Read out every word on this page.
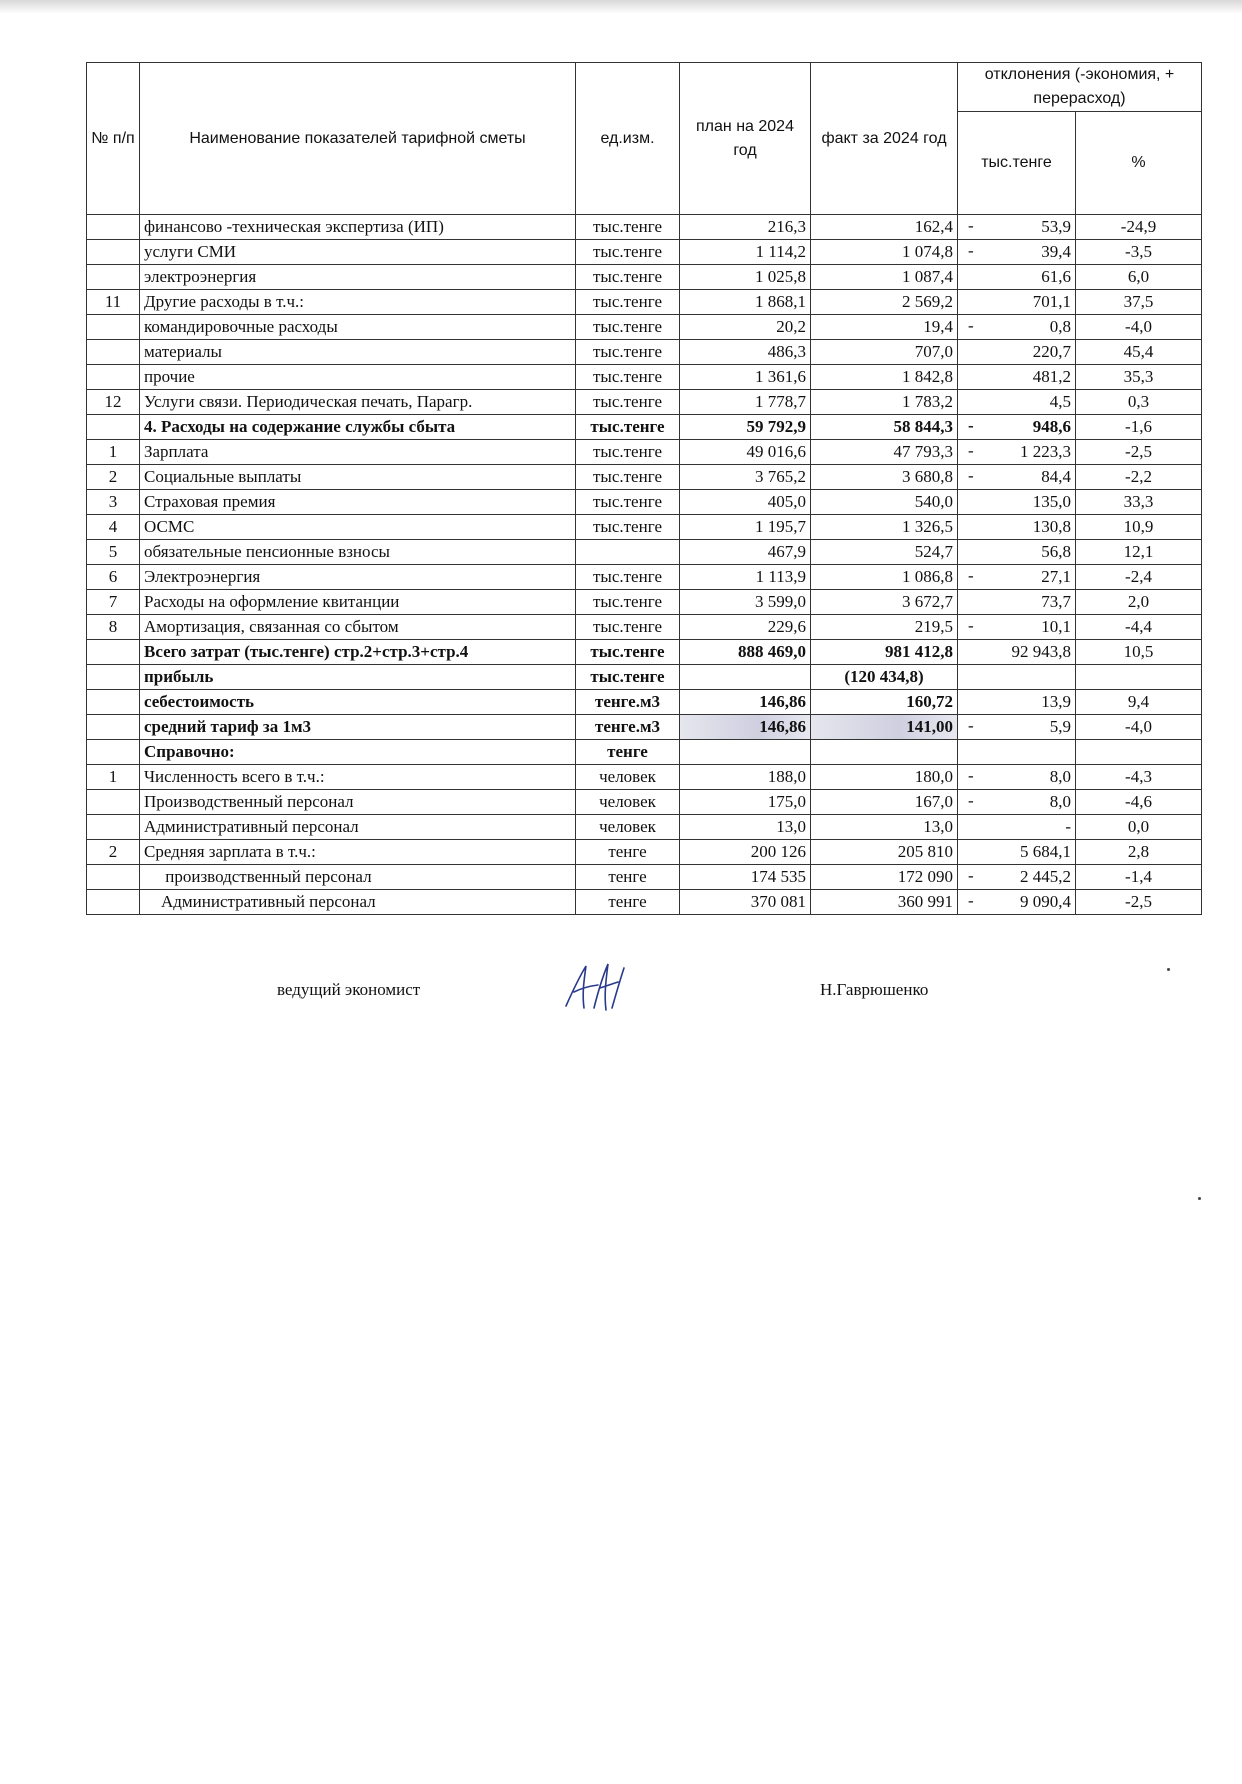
№ п/п	Наименование показателей тарифной сметы	ед.изм.	план на 2024 год	факт за 2024 год	отклонения (-экономия, + перерасход)	
					тыс.тенге	%
	финансово -техническая экспертиза (ИП)	тыс.тенге	216,3	162,4	- 53,9	-24,9
	услуги СМИ	тыс.тенге	1 114,2	1 074,8	- 39,4	-3,5
	электроэнергия	тыс.тенге	1 025,8	1 087,4	61,6	6,0
11	Другие расходы в т.ч.:	тыс.тенге	1 868,1	2 569,2	701,1	37,5
	командировочные расходы	тыс.тенге	20,2	19,4	- 0,8	-4,0
	материалы	тыс.тенге	486,3	707,0	220,7	45,4
	прочие	тыс.тенге	1 361,6	1 842,8	481,2	35,3
12	Услуги связи. Периодическая печать, Парагр.	тыс.тенге	1 778,7	1 783,2	4,5	0,3
	4. Расходы на содержание службы сбыта	тыс.тенге	59 792,9	58 844,3	- 948,6	-1,6
1	Зарплата	тыс.тенге	49 016,6	47 793,3	- 1 223,3	-2,5
2	Социальные выплаты	тыс.тенге	3 765,2	3 680,8	- 84,4	-2,2
3	Страховая премия	тыс.тенге	405,0	540,0	135,0	33,3
4	ОСМС	тыс.тенге	1 195,7	1 326,5	130,8	10,9
5	обязательные пенсионные взносы		467,9	524,7	56,8	12,1
6	Электроэнергия	тыс.тенге	1 113,9	1 086,8	- 27,1	-2,4
7	Расходы на оформление квитанции	тыс.тенге	3 599,0	3 672,7	73,7	2,0
8	Амортизация, связанная со сбытом	тыс.тенге	229,6	219,5	- 10,1	-4,4
	Всего затрат (тыс.тенге) стр.2+стр.3+стр.4	тыс.тенге	888 469,0	981 412,8	92 943,8	10,5
	прибыль	тыс.тенге		(120 434,8)	

	себестоимость	тенге.м3	146,86	160,72	13,9	9,4
	средний тариф за 1м3	тенге.м3	146,86	141,00	- 5,9	-4,0
	Справочно:	тенге			

1	Численность всего в т.ч.:	человек	188,0	180,0	- 8,0	-4,3
	Производственный персонал	человек	175,0	167,0	- 8,0	-4,6
	Административный персонал	человек	13,0	13,0	-	0,0
2	Средняя зарплата в т.ч.:	тенге	200 126	205 810	5 684,1	2,8
	производственный персонал	тенге	174 535	172 090	- 2 445,2	-1,4
	Административный персонал	тенге	370 081	360 991	- 9 090,4	-2,5
ведущий экономист	Н.Гаврюшенко
